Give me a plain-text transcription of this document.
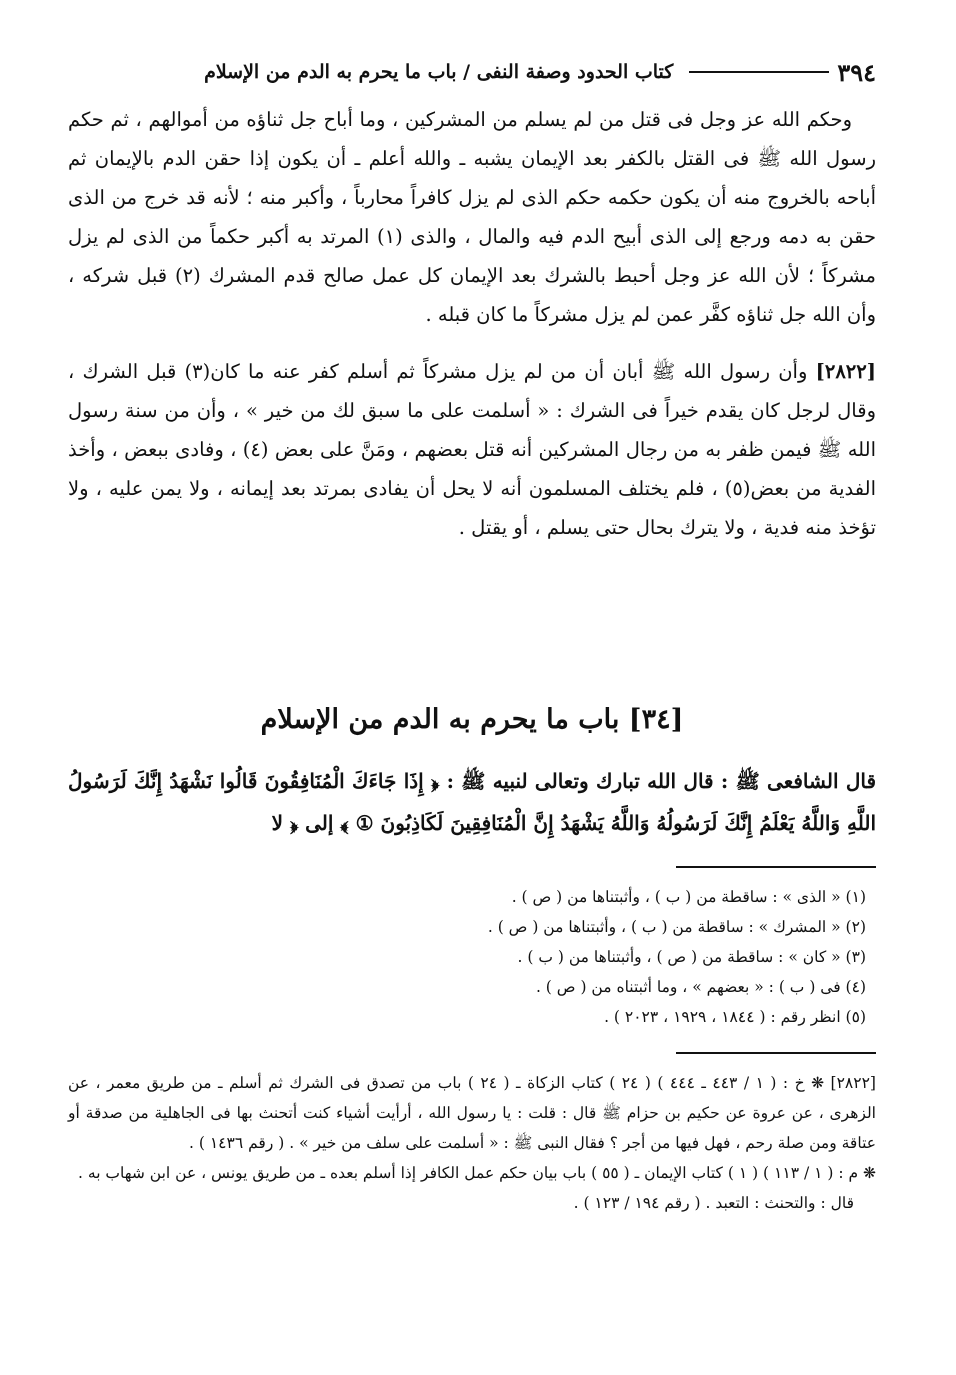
٣٩٤
كتاب الحدود وصفة النفى / باب ما يحرم به الدم من الإسلام

وحكم الله عز وجل فى قتل من لم يسلم من المشركين ، وما أباح جل ثناؤه من أموالهم ، ثم حكم رسول الله ﷺ فى القتل بالكفر بعد الإيمان يشبه ـ والله أعلم ـ أن يكون إذا حقن الدم بالإيمان ثم أباحه بالخروج منه أن يكون حكمه حكم الذى لم يزل كافراً محارباً ، وأكبر منه ؛ لأنه قد خرج من الذى حقن به دمه ورجع إلى الذى أبيح الدم فيه والمال ، والذى (١) المرتد به أكبر حكماً من الذى لم يزل مشركاً ؛ لأن الله عز وجل أحبط بالشرك بعد الإيمان كل عمل صالح قدم المشرك (٢) قبل شركه ، وأن الله جل ثناؤه كفَّر عمن لم يزل مشركاً ما كان قبله .

[٢٨٢٢] وأن رسول الله ﷺ أبان أن من لم يزل مشركاً ثم أسلم كفر عنه ما كان(٣) قبل الشرك ، وقال لرجل كان يقدم خيراً فى الشرك : « أسلمت على ما سبق لك من خير » ، وأن من سنة رسول الله ﷺ فيمن ظفر به من رجال المشركين أنه قتل بعضهم ، ومَنَّ على بعض (٤) ، وفادى ببعض ، وأخذ الفدية من بعض(٥) ، فلم يختلف المسلمون أنه لا يحل أن يفادى بمرتد بعد إيمانه ، ولا يمن عليه ، ولا تؤخذ منه فدية ، ولا يترك بحال حتى يسلم ، أو يقتل .

[٣٤] باب ما يحرم به الدم من الإسلام

قال الشافعى ﷺ : قال الله تبارك وتعالى لنبيه ﷺ : ﴿ إِذَا جَاءَكَ الْمُنَافِقُونَ قَالُوا نَشْهَدُ إِنَّكَ لَرَسُولُ اللَّهِ وَاللَّهُ يَعْلَمُ إِنَّكَ لَرَسُولُهُ وَاللَّهُ يَشْهَدُ إِنَّ الْمُنَافِقِينَ لَكَاذِبُونَ ① ﴾ إلى ﴿ لا

(١) « الذى » : ساقطة من ( ب ) ، وأثبتناها من ( ص ) .
(٢) « المشرك » : ساقطة من ( ب ) ، وأثبتناها من ( ص ) .
(٣) « كان » : ساقطة من ( ص ) ، وأثبتناها من ( ب ) .
(٤) فى ( ب ) : « بعضهم » ، وما أثبتناه من ( ص ) .
(٥) انظر رقم : ( ١٨٤٤ ، ١٩٢٩ ، ٢٠٢٣ ) .

[٢٨٢٢] ❋ خ : ( ١ / ٤٤٣ ـ ٤٤٤ ) ( ٢٤ ) كتاب الزكاة ـ ( ٢٤ ) باب من تصدق فى الشرك ثم أسلم ـ من طريق معمر ، عن الزهرى ، عن عروة عن حكيم بن حزام ﷺ قال : قلت : يا رسول الله ، أرأيت أشياء كنت أتحنث بها فى الجاهلية من صدقة أو عتاقة ومن صلة رحم ، فهل فيها من أجر ؟ فقال النبى ﷺ : « أسلمت على سلف من خير » . ( رقم ١٤٣٦ ) .

❋ م : ( ١ / ١١٣ ) ( ١ ) كتاب الإيمان ـ ( ٥٥ ) باب بيان حكم عمل الكافر إذا أسلم بعده ـ من طريق يونس ، عن ابن شهاب به .

قال : والتحنث : التعبد . ( رقم ١٩٤ / ١٢٣ ) .
